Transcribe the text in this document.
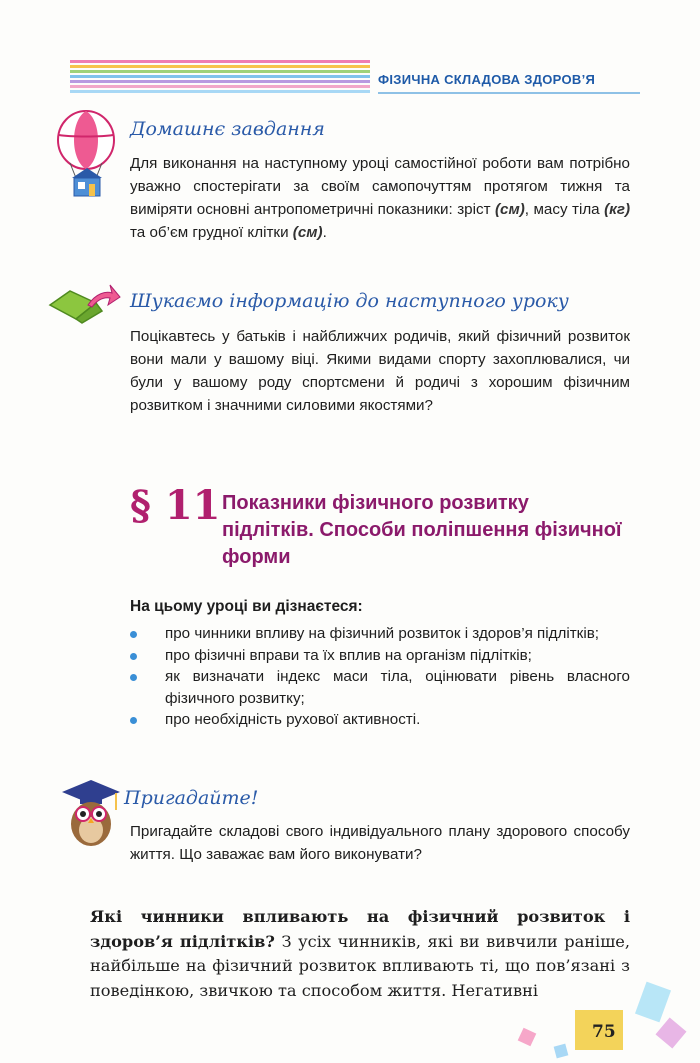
ФІЗИЧНА СКЛАДОВА ЗДОРОВ’Я
Домашнє завдання
Для виконання на наступному уроці самостійної роботи вам потрібно уважно спостерігати за своїм самопочуттям протягом тижня та виміряти основні антропометричні показники: зріст (см), масу тіла (кг) та об’єм грудної клітки (см).
Шукаємо інформацію до наступного уроку
Поцікавтесь у батьків і найближчих родичів, який фізичний розвиток вони мали у вашому віці. Якими видами спорту захоплювалися, чи були у вашому роду спортсмени й родичі з хорошим фізичним розвитком і значними силовими якостями?
§ 11 Показники фізичного розвитку підлітків. Способи поліпшення фізичної форми
На цьому уроці ви дізнаєтеся:
про чинники впливу на фізичний розвиток і здоров’я підлітків;
про фізичні вправи та їх вплив на організм підлітків;
як визначати індекс маси тіла, оцінювати рівень власного фізичного розвитку;
про необхідність рухової активності.
Пригадайте!
Пригадайте складові свого індивідуального плану здорового способу життя. Що заважає вам його виконувати?
Які чинники впливають на фізичний розвиток і здоров’я підлітків? З усіх чинників, які ви вивчили раніше, найбільше на фізичний розвиток впливають ті, що пов’язані з поведінкою, звичкою та способом життя. Негативні
75
